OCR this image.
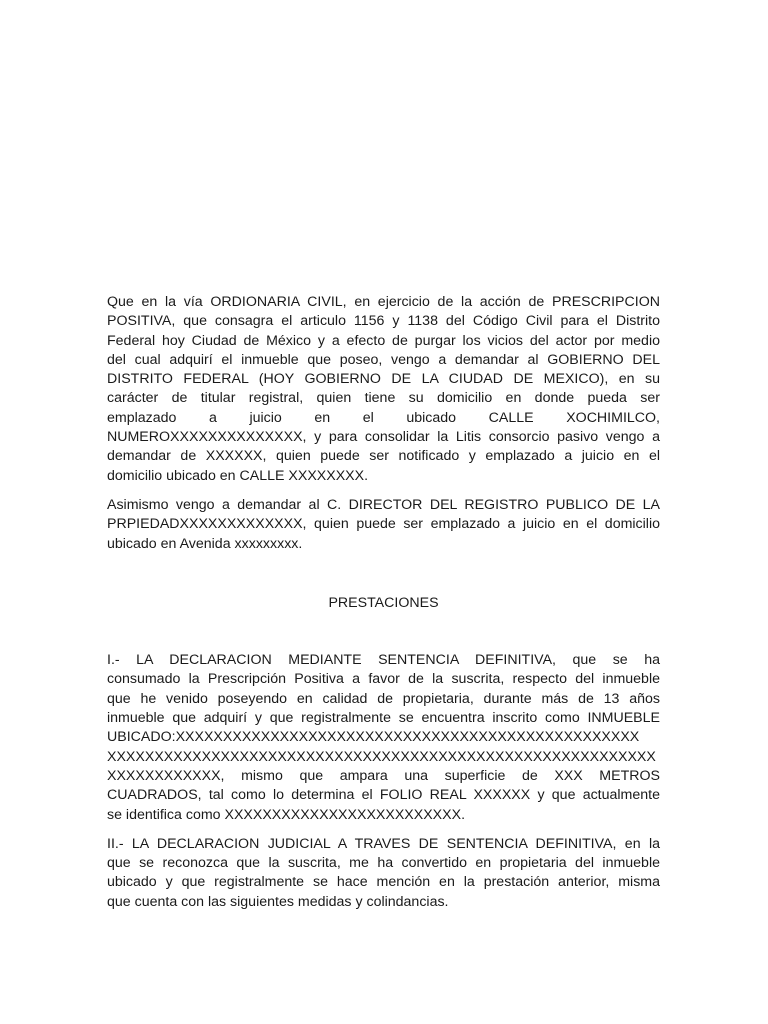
Que en la vía ORDIONARIA CIVIL, en ejercicio de la acción de PRESCRIPCION
POSITIVA, que consagra el articulo 1156 y 1138 del Código Civil para el Distrito
Federal hoy Ciudad de México y a efecto de purgar los vicios del actor por medio
del cual adquirí el inmueble que poseo, vengo a demandar al GOBIERNO DEL
DISTRITO FEDERAL (HOY GOBIERNO DE LA CIUDAD DE MEXICO), en su
carácter de titular registral, quien tiene su domicilio en donde pueda ser
emplazado a juicio en el ubicado CALLE XOCHIMILCO,
NUMEROXXXXXXXXXXXXXX, y para consolidar la Litis consorcio pasivo vengo a
demandar de XXXXXX, quien puede ser notificado y emplazado a juicio en el
domicilio ubicado en CALLE XXXXXXXX.

Asimismo vengo a demandar al C. DIRECTOR DEL REGISTRO PUBLICO DE LA
PRPIEDADXXXXXXXXXXXXX, quien puede ser emplazado a juicio en el domicilio
ubicado en Avenida xxxxxxxxx.

PRESTACIONES

I.- LA DECLARACION MEDIANTE SENTENCIA DEFINITIVA, que se ha
consumado la Prescripción Positiva a favor de la suscrita, respecto del inmueble
que he venido poseyendo en calidad de propietaria, durante más de 13 años
inmueble que adquirí y que registralmente se encuentra inscrito como INMUEBLE
UBICADO:XXXXXXXXXXXXXXXXXXXXXXXXXXXXXXXXXXXXXXXXXXXXXXXXX
XXXXXXXXXXXXXXXXXXXXXXXXXXXXXXXXXXXXXXXXXXXXXXXXXXXXXXXXXX
XXXXXXXXXXXX, mismo que ampara una superficie de XXX METROS
CUADRADOS, tal como lo determina el FOLIO REAL XXXXXX y que actualmente
se identifica como XXXXXXXXXXXXXXXXXXXXXXXXX.

II.- LA DECLARACION JUDICIAL A TRAVES DE SENTENCIA DEFINITIVA, en la
que se reconozca que la suscrita, me ha convertido en propietaria del inmueble
ubicado y que registralmente se hace mención en la prestación anterior, misma
que cuenta con las siguientes medidas y colindancias.
